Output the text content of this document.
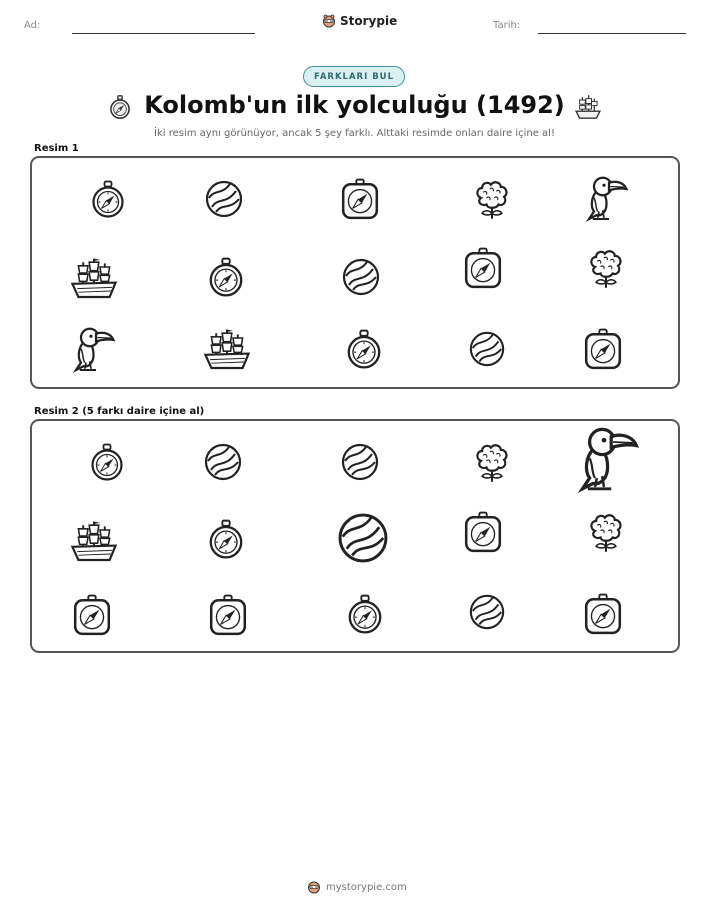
Ad:	Storypie	Tarih:
FARKLARI BUL
Kolomb'un ilk yolculuğu (1492)
İki resim aynı görünüyor, ancak 5 şey farklı. Alttaki resimde onları daire içine al!
Resim 1
Resim 2 (5 farkı daire içine al)
mystorypie.com
